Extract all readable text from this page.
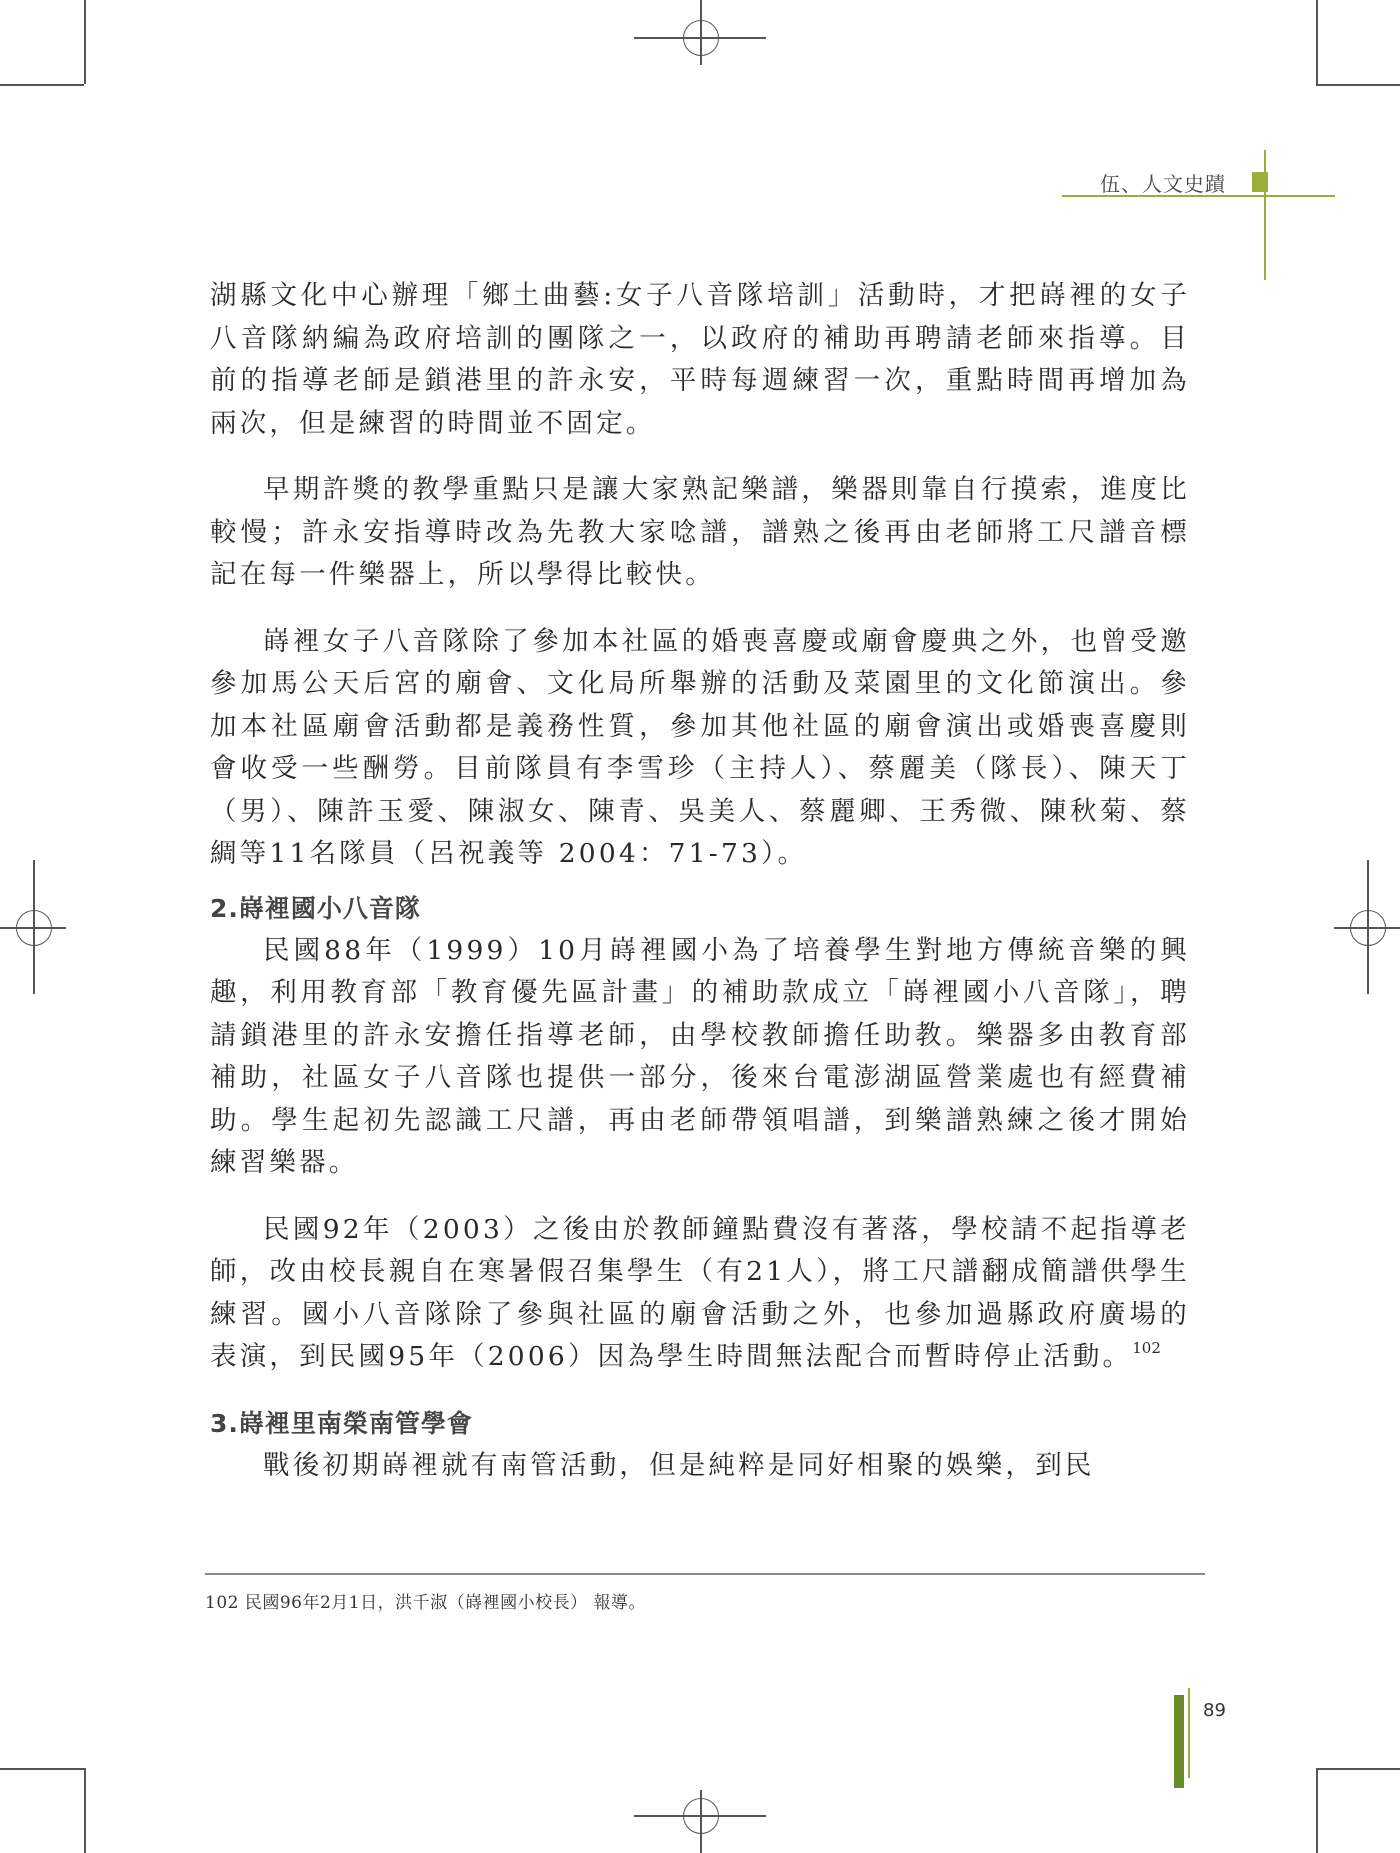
伍、人文史蹟

湖縣文化中心辦理「鄉土曲藝:女子八音隊培訓」活動時，才把嵵裡的女子八音隊納編為政府培訓的團隊之一，以政府的補助再聘請老師來指導。目前的指導老師是鎖港里的許永安，平時每週練習一次，重點時間再增加為兩次，但是練習的時間並不固定。

早期許獎的教學重點只是讓大家熟記樂譜，樂器則靠自行摸索，進度比較慢；許永安指導時改為先教大家唸譜，譜熟之後再由老師將工尺譜音標記在每一件樂器上，所以學得比較快。

嵵裡女子八音隊除了參加本社區的婚喪喜慶或廟會慶典之外，也曾受邀參加馬公天后宮的廟會、文化局所舉辦的活動及菜園里的文化節演出。參加本社區廟會活動都是義務性質，參加其他社區的廟會演出或婚喪喜慶則會收受一些酬勞。目前隊員有李雪珍（主持人）、蔡麗美（隊長）、陳天丁（男）、陳許玉愛、陳淑女、陳青、吳美人、蔡麗卿、王秀微、陳秋菊、蔡綢等11名隊員（呂祝義等 2004：71-73）。

2.嵵裡國小八音隊

民國88年（1999）10月嵵裡國小為了培養學生對地方傳統音樂的興趣，利用教育部「教育優先區計畫」的補助款成立「嵵裡國小八音隊」，聘請鎖港里的許永安擔任指導老師，由學校教師擔任助教。樂器多由教育部補助，社區女子八音隊也提供一部分，後來台電澎湖區營業處也有經費補助。學生起初先認識工尺譜，再由老師帶領唱譜，到樂譜熟練之後才開始練習樂器。

民國92年（2003）之後由於教師鐘點費沒有著落，學校請不起指導老師，改由校長親自在寒暑假召集學生（有21人），將工尺譜翻成簡譜供學生練習。國小八音隊除了參與社區的廟會活動之外，也參加過縣政府廣場的表演，到民國95年（2006）因為學生時間無法配合而暫時停止活動。$^{102}$

3.嵵裡里南榮南管學會

戰後初期嵵裡就有南管活動，但是純粹是同好相聚的娛樂，到民

102 民國96年2月1日，洪千淑（嵵裡國小校長） 報導。
89
